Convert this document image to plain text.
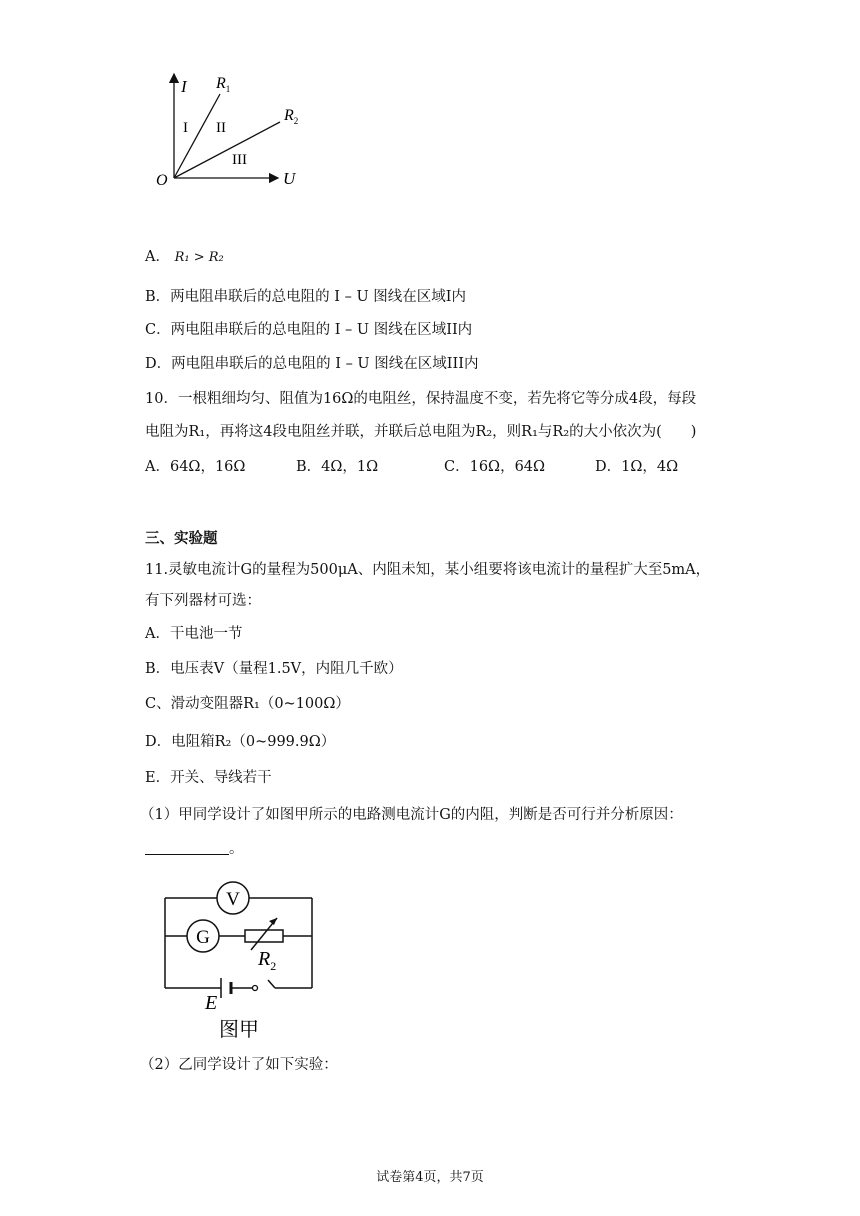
I
U
O
$R_1$
$R_2$
I II
III
A． R₁ > R₂
B．两电阻串联后的总电阻的 I – U 图线在区域I内
C．两电阻串联后的总电阻的 I – U 图线在区域II内
D．两电阻串联后的总电阻的 I – U 图线在区域III内
10．一根粗细均匀、阻值为16Ω的电阻丝，保持温度不变，若先将它等分成4段，每段
电阻为R₁，再将这4段电阻丝并联，并联后总电阻为R₂，则R₁与R₂的大小依次为(　　)
A．64Ω，16Ω	B．4Ω，1Ω	C．16Ω，64Ω	D．1Ω，4Ω
三、实验题
11.灵敏电流计G的量程为500μA、内阻未知，某小组要将该电流计的量程扩大至5mA，
有下列器材可选：
A．干电池一节
B．电压表V（量程1.5V，内阻几千欧）
C、滑动变阻器R₁（0~100Ω）
D．电阻箱R₂（0~999.9Ω）
E．开关、导线若干
（1）甲同学设计了如图甲所示的电路测电流计G的内阻，判断是否可行并分析原因：
。
V
G
$R_2$
E
图甲
（2）乙同学设计了如下实验：
试卷第4页，共7页
